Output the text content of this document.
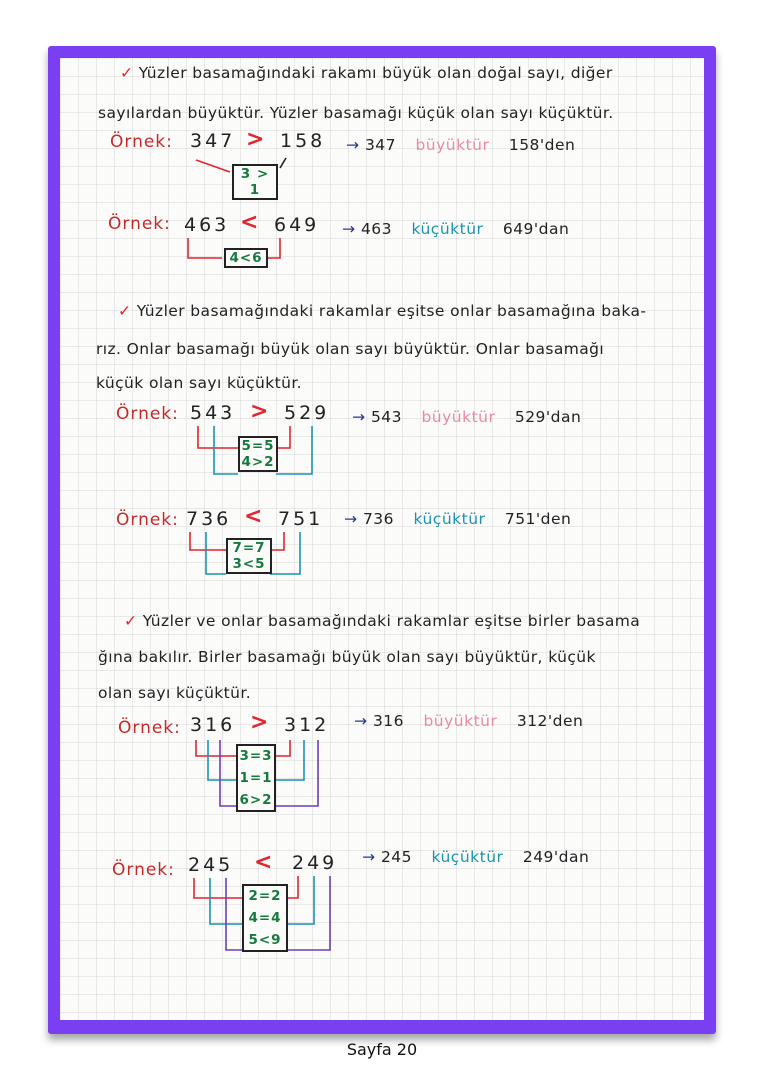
✓ Yüzler basamağındaki rakamı büyük olan doğal sayı, diğer
sayılardan büyüktür. Yüzler basamağı küçük olan sayı küçüktür.
Örnek: 347 > 158 → 347 büyüktür 158'den
3 > 1
Örnek: 463 < 649 → 463 küçüktür 649'dan
4<6
✓ Yüzler basamağındaki rakamlar eşitse onlar basamağına baka-
rız. Onlar basamağı büyük olan sayı büyüktür. Onlar basamağı
küçük olan sayı küçüktür.
Örnek: 543 > 529 → 543 büyüktür 529'dan
5=5
4>2
Örnek: 736 < 751 → 736 küçüktür 751'den
7=7
3<5
✓ Yüzler ve onlar basamağındaki rakamlar eşitse birler basama
ğına bakılır. Birler basamağı büyük olan sayı büyüktür, küçük
olan sayı küçüktür.
Örnek: 316 > 312 → 316 büyüktür 312'den
3=3
1=1
6>2
Örnek: 245 < 249 → 245 küçüktür 249'dan
2=2
4=4
5<9
Sayfa 20
